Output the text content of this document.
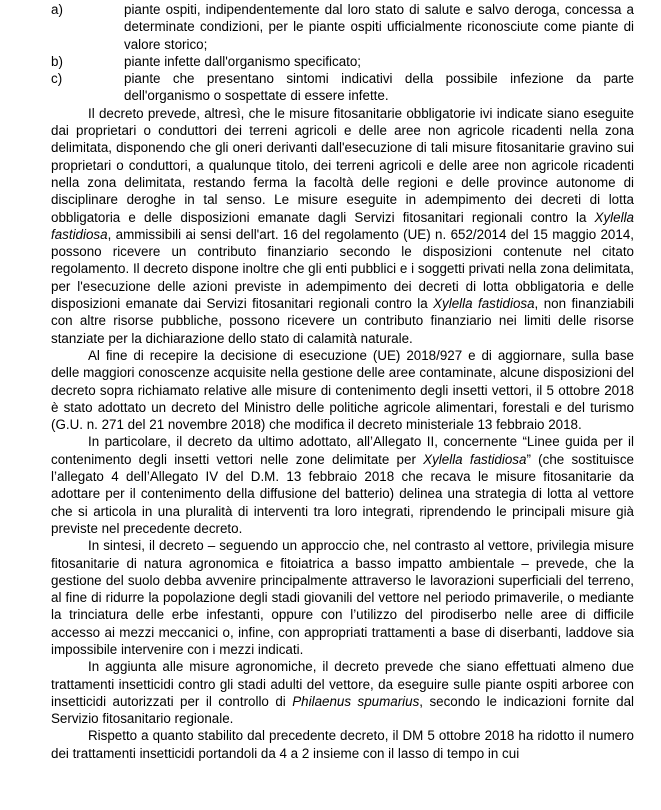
a)	piante ospiti, indipendentemente dal loro stato di salute e salvo deroga, concessa a determinate condizioni, per le piante ospiti ufficialmente riconosciute come piante di valore storico;
b)	piante infette dall'organismo specificato;
c)	piante che presentano sintomi indicativi della possibile infezione da parte dell'organismo o sospettate di essere infette.

Il decreto prevede, altresì, che le misure fitosanitarie obbligatorie ivi indicate siano eseguite dai proprietari o conduttori dei terreni agricoli e delle aree non agricole ricadenti nella zona delimitata, disponendo che gli oneri derivanti dall'esecuzione di tali misure fitosanitarie gravino sui proprietari o conduttori, a qualunque titolo, dei terreni agricoli e delle aree non agricole ricadenti nella zona delimitata, restando ferma la facoltà delle regioni e delle province autonome di disciplinare deroghe in tal senso. Le misure eseguite in adempimento dei decreti di lotta obbligatoria e delle disposizioni emanate dagli Servizi fitosanitari regionali contro la Xylella fastidiosa, ammissibili ai sensi dell'art. 16 del regolamento (UE) n. 652/2014 del 15 maggio 2014, possono ricevere un contributo finanziario secondo le disposizioni contenute nel citato regolamento. Il decreto dispone inoltre che gli enti pubblici e i soggetti privati nella zona delimitata, per l'esecuzione delle azioni previste in adempimento dei decreti di lotta obbligatoria e delle disposizioni emanate dai Servizi fitosanitari regionali contro la Xylella fastidiosa, non finanziabili con altre risorse pubbliche, possono ricevere un contributo finanziario nei limiti delle risorse stanziate per la dichiarazione dello stato di calamità naturale.

Al fine di recepire la decisione di esecuzione (UE) 2018/927 e di aggiornare, sulla base delle maggiori conoscenze acquisite nella gestione delle aree contaminate, alcune disposizioni del decreto sopra richiamato relative alle misure di contenimento degli insetti vettori, il 5 ottobre 2018 è stato adottato un decreto del Ministro delle politiche agricole alimentari, forestali e del turismo (G.U. n. 271 del 21 novembre 2018) che modifica il decreto ministeriale 13 febbraio 2018.

In particolare, il decreto da ultimo adottato, all’Allegato II, concernente “Linee guida per il contenimento degli insetti vettori nelle zone delimitate per Xylella fastidiosa” (che sostituisce l’allegato 4 dell’Allegato IV del D.M. 13 febbraio 2018 che recava le misure fitosanitarie da adottare per il contenimento della diffusione del batterio) delinea una strategia di lotta al vettore che si articola in una pluralità di interventi tra loro integrati, riprendendo le principali misure già previste nel precedente decreto.

In sintesi, il decreto – seguendo un approccio che, nel contrasto al vettore, privilegia misure fitosanitarie di natura agronomica e fitoiatrica a basso impatto ambientale – prevede, che la gestione del suolo debba avvenire principalmente attraverso le lavorazioni superficiali del terreno, al fine di ridurre la popolazione degli stadi giovanili del vettore nel periodo primaverile, o mediante la trinciatura delle erbe infestanti, oppure con l’utilizzo del pirodiserbo nelle aree di difficile accesso ai mezzi meccanici o, infine, con appropriati trattamenti a base di diserbanti, laddove sia impossibile intervenire con i mezzi indicati.

In aggiunta alle misure agronomiche, il decreto prevede che siano effettuati almeno due trattamenti insetticidi contro gli stadi adulti del vettore, da eseguire sulle piante ospiti arboree con insetticidi autorizzati per il controllo di Philaenus spumarius, secondo le indicazioni fornite dal Servizio fitosanitario regionale.

Rispetto a quanto stabilito dal precedente decreto, il DM 5 ottobre 2018 ha ridotto il numero dei trattamenti insetticidi portandoli da 4 a 2 insieme con il lasso di tempo in cui
